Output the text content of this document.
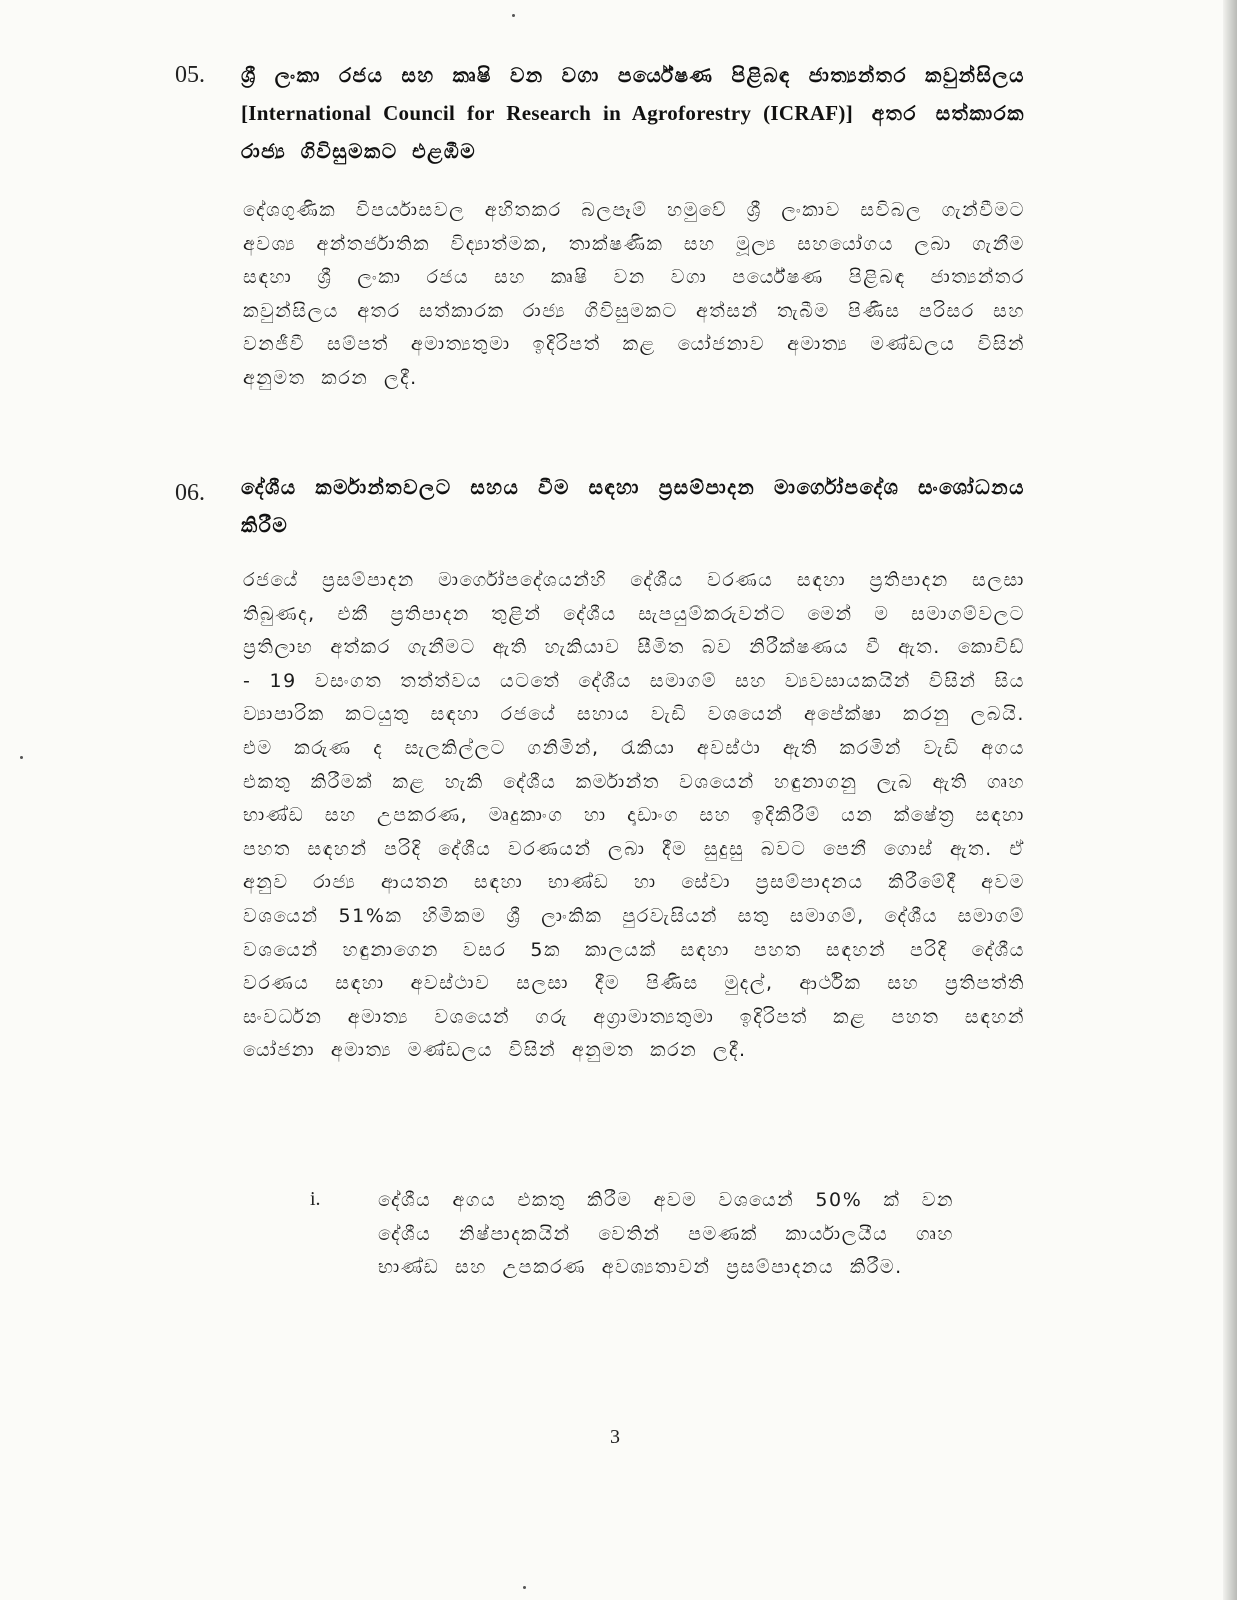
05. ශ්‍රී ලංකා රජය සහ කෘෂි වන වගා පර්යේෂණ පිළිබඳ ජාත්‍යන්තර කවුන්සිලය [International Council for Research in Agroforestry (ICRAF)] අතර සත්කාරක රාජ්‍ය ගිවිසුමකට එළඹීම
දේශගුණික විපර්යාසවල අහිතකර බලපෑම් හමුවේ ශ්‍රී ලංකාව සවිබල ගැන්වීමට අවශ්‍ය අන්තර්ජාතික විද්‍යාත්මක, තාක්ෂණික සහ මූල්‍ය සහයෝගය ලබා ගැනීම සඳහා ශ්‍රී ලංකා රජය සහ කෘෂි වන වගා පර්යේෂණ පිළිබඳ ජාත්‍යන්තර කවුන්සිලය අතර සත්කාරක රාජ්‍ය ගිවිසුමකට අත්සන් තැබීම පිණිස පරිසර සහ වනජීවී සම්පත් අමාත්‍යතුමා ඉදිරිපත් කළ යෝජනාව අමාත්‍ය මණ්ඩලය විසින් අනුමත කරන ලදී.
06. දේශීය කර්මාන්තවලට සහය වීම සඳහා ප්‍රසම්පාදන මාර්ගෝපදේශ සංශෝධනය කිරීම
රජයේ ප්‍රසම්පාදන මාර්ගෝපදේශයන්හි දේශීය වරණය සඳහා ප්‍රතිපාදන සලසා තිබුණද, එකී ප්‍රතිපාදන තුළින් දේශීය සැපයුම්කරුවන්ට මෙන් ම සමාගම්වලට ප්‍රතිලාභ අත්කර ගැනීමට ඇති හැකියාව සීමිත බව නිරීක්ෂණය වී ඇත. කොවිඩ් - 19 වසංගත තත්ත්වය යටතේ දේශීය සමාගම් සහ ව්‍යවසායකයින් විසින් සිය ව්‍යාපාරික කටයුතු සඳහා රජයේ සහාය වැඩි වශයෙන් අපේක්ෂා කරනු ලබයි. එම කරුණ ද සැලකිල්ලට ගනිමින්, රැකියා අවස්ථා ඇති කරමින් වැඩි අගය එකතු කිරීමක් කළ හැකි දේශීය කර්මාන්ත වශයෙන් හඳුනාගනු ලැබ ඇති ගෘහ භාණ්ඩ සහ උපකරණ, මෘදුකාංග හා දෘඩාංග සහ ඉදිකිරීම් යන ක්ෂේත්‍ර සඳහා පහත සඳහන් පරිදි දේශීය වරණයන් ලබා දීම සුදුසු බවට පෙනී ගොස් ඇත. ඒ අනුව රාජ්‍ය ආයතන සඳහා භාණ්ඩ හා සේවා ප්‍රසම්පාදනය කිරීමේදී අවම වශයෙන් 51%ක හිමිකම ශ්‍රී ලාංකික පුරවැසියන් සතු සමාගම්, දේශීය සමාගම් වශයෙන් හඳුනාගෙන වසර 5ක කාලයක් සඳහා පහත සඳහන් පරිදි දේශීය වරණය සඳහා අවස්ථාව සලසා දීම පිණිස මුදල්, ආර්ථික සහ ප්‍රතිපත්ති සංවර්ධන අමාත්‍ය වශයෙන් ගරු අග්‍රාමාත්‍යතුමා ඉදිරිපත් කළ පහත සඳහන් යෝජනා අමාත්‍ය මණ්ඩලය විසින් අනුමත කරන ලදී.
i.	දේශීය අගය එකතු කිරීම අවම වශයෙන් 50% ක් වන දේශීය නිෂ්පාදකයින් වෙතින් පමණක් කාර්යාලයීය ගෘහ භාණ්ඩ සහ උපකරණ අවශ්‍යතාවන් ප්‍රසම්පාදනය කිරීම.
3
